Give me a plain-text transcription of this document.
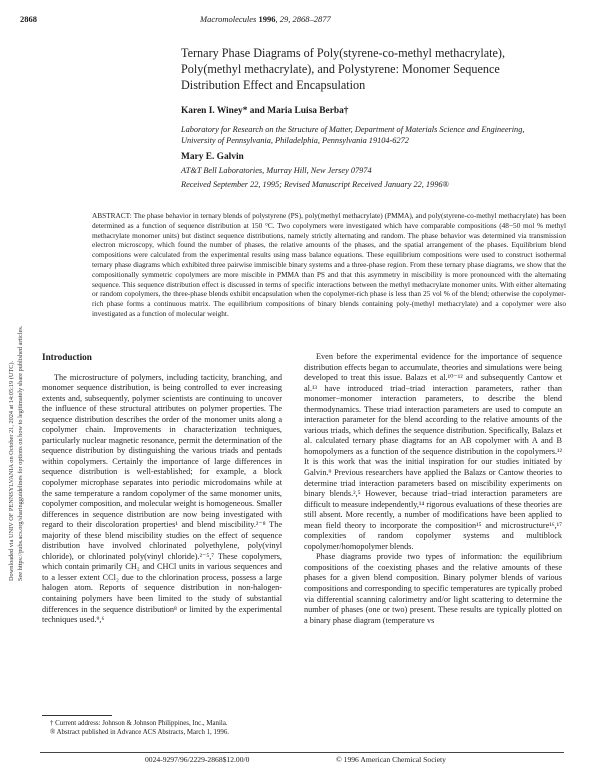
2868	Macromolecules 1996, 29, 2868–2877
Ternary Phase Diagrams of Poly(styrene-co-methyl methacrylate), Poly(methyl methacrylate), and Polystyrene: Monomer Sequence Distribution Effect and Encapsulation
Karen I. Winey* and Maria Luisa Berba†
Laboratory for Research on the Structure of Matter, Department of Materials Science and Engineering, University of Pennsylvania, Philadelphia, Pennsylvania 19104-6272
Mary E. Galvin
AT&T Bell Laboratories, Murray Hill, New Jersey 07974
Received September 22, 1995; Revised Manuscript Received January 22, 1996®
ABSTRACT: The phase behavior in ternary blends of polystyrene (PS), poly(methyl methacrylate) (PMMA), and poly(styrene-co-methyl methacrylate) has been determined as a function of sequence distribution at 150 °C. Two copolymers were investigated which have comparable compositions (48−50 mol % methyl methacrylate monomer units) but distinct sequence distributions, namely strictly alternating and random. The phase behavior was determined via transmission electron microscopy, which found the number of phases, the relative amounts of the phases, and the spatial arrangement of the phases. Equilibrium blend compositions were calculated from the experimental results using mass balance equations. These equilibrium compositions were used to construct isothermal ternary phase diagrams which exhibited three pairwise immiscible binary systems and a three-phase region. From these ternary phase diagrams, we show that the compositionally symmetric copolymers are more miscible in PMMA than PS and that this asymmetry in miscibility is more pronounced with the alternating sequence. This sequence distribution effect is discussed in terms of specific interactions between the methyl methacrylate monomer units. With either alternating or random copolymers, the three-phase blends exhibit encapsulation when the copolymer-rich phase is less than 25 vol % of the blend; otherwise the copolymer-rich phase forms a continuous matrix. The equilibrium compositions of binary blends containing poly-(methyl methacrylate) and a copolymer were also investigated as a function of molecular weight.
Downloaded via UNIV OF PENNSYLVANIA on October 21, 2024 at 14:05:19 (UTC). See https://pubs.acs.org/sharingguidelines for options on how to legitimately share published articles. Introduction

The microstructure of polymers, including tacticity, branching, and monomer sequence distribution, is being controlled to ever increasing extents and, subsequently, polymer scientists are continuing to uncover the influence of these structural attributes on polymer properties. The sequence distribution describes the order of the monomer units along a copolymer chain. Improvements in characterization techniques, particularly nuclear magnetic resonance, permit the determination of the sequence distribution by distinguishing the various triads and pentads within copolymers. Certainly the importance of large differences in sequence distribution is well-established; for example, a block copolymer microphase separates into periodic microdomains while at the same temperature a random copolymer of the same monomer units, copolymer composition, and molecular weight is homogeneous. Smaller differences in sequence distribution are now being investigated with regard to their discoloration properties¹ and blend miscibility.²⁻⁸ The majority of these blend miscibility studies on the effect of sequence distribution have involved chlorinated polyethylene, poly(vinyl chloride), or chlorinated poly(vinyl chloride).²⁻⁵,⁷ These copolymers, which contain primarily CH₂ and CHCl units in various sequences and to a lesser extent CCl₂ due to the chlorination process, possess a large halogen atom. Reports of sequence distribution in non-halogen-containing polymers have been limited to the study of substantial differences in the sequence distribution⁸ or limited by the experimental techniques used.⁹,⁶

Even before the experimental evidence for the importance of sequence distribution effects began to accumulate, theories and simulations were being developed to treat this issue. Balazs et al.¹⁰⁻¹² and subsequently Cantow et al.¹³ have introduced triad−triad interaction parameters, rather than monomer−monomer interaction parameters, to describe the blend thermodynamics. These triad interaction parameters are used to compute an interaction parameter for the blend according to the relative amounts of the various triads, which defines the sequence distribution. Specifically, Balazs et al. calculated ternary phase diagrams for an AB copolymer with A and B homopolymers as a function of the sequence distribution in the copolymers.¹² It is this work that was the initial inspiration for our studies initiated by Galvin.⁹ Previous researchers have applied the Balazs or Cantow theories to determine triad interaction parameters based on miscibility experiments on binary blends.²,⁵ However, because triad−triad interaction parameters are difficult to measure independently,¹⁴ rigorous evaluations of these theories are still absent. More recently, a number of modifications have been applied to mean field theory to incorporate the composition¹⁵ and microstructure¹⁶,¹⁷ complexities of random copolymer systems and multiblock copolymer/homopolymer blends.

Phase diagrams provide two types of information: the equilibrium compositions of the coexisting phases and the relative amounts of these phases for a given blend composition. Binary polymer blends of various compositions and corresponding to specific temperatures are typically probed via differential scanning calorimetry and/or light scattering to determine the number of phases (one or two) present. These results are typically plotted on a binary phase diagram (temperature vs

† Current address: Johnson & Johnson Philippines, Inc., Manila.
® Abstract published in Advance ACS Abstracts, March 1, 1996.
0024-9297/96/2229-2868$12.00/0	© 1996 American Chemical Society
